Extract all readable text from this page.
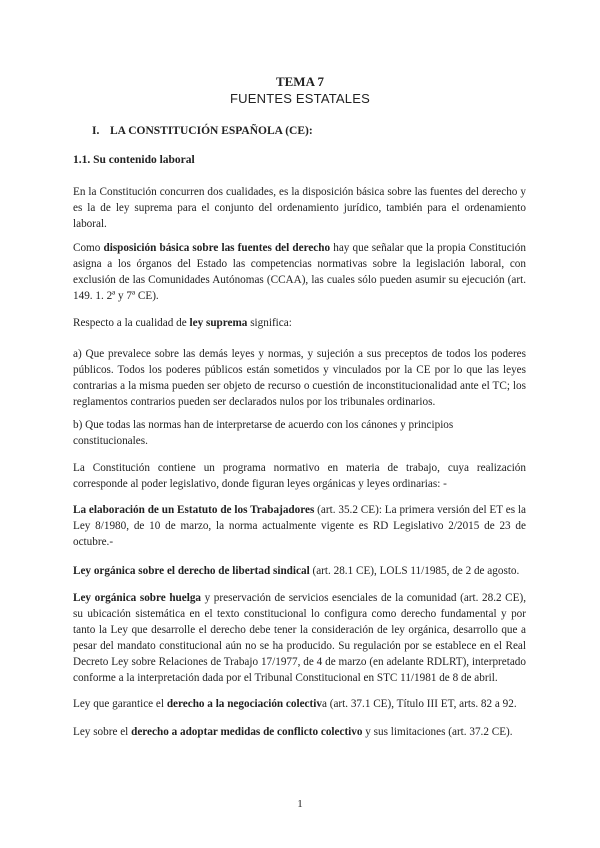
TEMA 7
FUENTES ESTATALES
I. LA CONSTITUCIÓN ESPAÑOLA (CE):
1.1. Su contenido laboral

En la Constitución concurren dos cualidades, es la disposición básica sobre las fuentes del derecho y es la de ley suprema para el conjunto del ordenamiento jurídico, también para el ordenamiento laboral.

Como disposición básica sobre las fuentes del derecho hay que señalar que la propia Constitución asigna a los órganos del Estado las competencias normativas sobre la legislación laboral, con exclusión de las Comunidades Autónomas (CCAA), las cuales sólo pueden asumir su ejecución (art. 149. 1. 2ª y 7ª CE).

Respecto a la cualidad de ley suprema significa:

a) Que prevalece sobre las demás leyes y normas, y sujeción a sus preceptos de todos los poderes públicos. Todos los poderes públicos están sometidos y vinculados por la CE por lo que las leyes contrarias a la misma pueden ser objeto de recurso o cuestión de inconstitucionalidad ante el TC; los reglamentos contrarios pueden ser declarados nulos por los tribunales ordinarios.

b) Que todas las normas han de interpretarse de acuerdo con los cánones y principios constitucionales.

La Constitución contiene un programa normativo en materia de trabajo, cuya realización corresponde al poder legislativo, donde figuran leyes orgánicas y leyes ordinarias: -

La elaboración de un Estatuto de los Trabajadores (art. 35.2 CE): La primera versión del ET es la Ley 8/1980, de 10 de marzo, la norma actualmente vigente es RD Legislativo 2/2015 de 23 de octubre.-

Ley orgánica sobre el derecho de libertad sindical (art. 28.1 CE), LOLS 11/1985, de 2 de agosto.

Ley orgánica sobre huelga y preservación de servicios esenciales de la comunidad (art. 28.2 CE), su ubicación sistemática en el texto constitucional lo configura como derecho fundamental y por tanto la Ley que desarrolle el derecho debe tener la consideración de ley orgánica, desarrollo que a pesar del mandato constitucional aún no se ha producido. Su regulación por se establece en el Real Decreto Ley sobre Relaciones de Trabajo 17/1977, de 4 de marzo (en adelante RDLRT), interpretado conforme a la interpretación dada por el Tribunal Constitucional en STC 11/1981 de 8 de abril.

Ley que garantice el derecho a la negociación colectiva (art. 37.1 CE), Título III ET, arts. 82 a 92.

Ley sobre el derecho a adoptar medidas de conflicto colectivo y sus limitaciones (art. 37.2 CE).

1
